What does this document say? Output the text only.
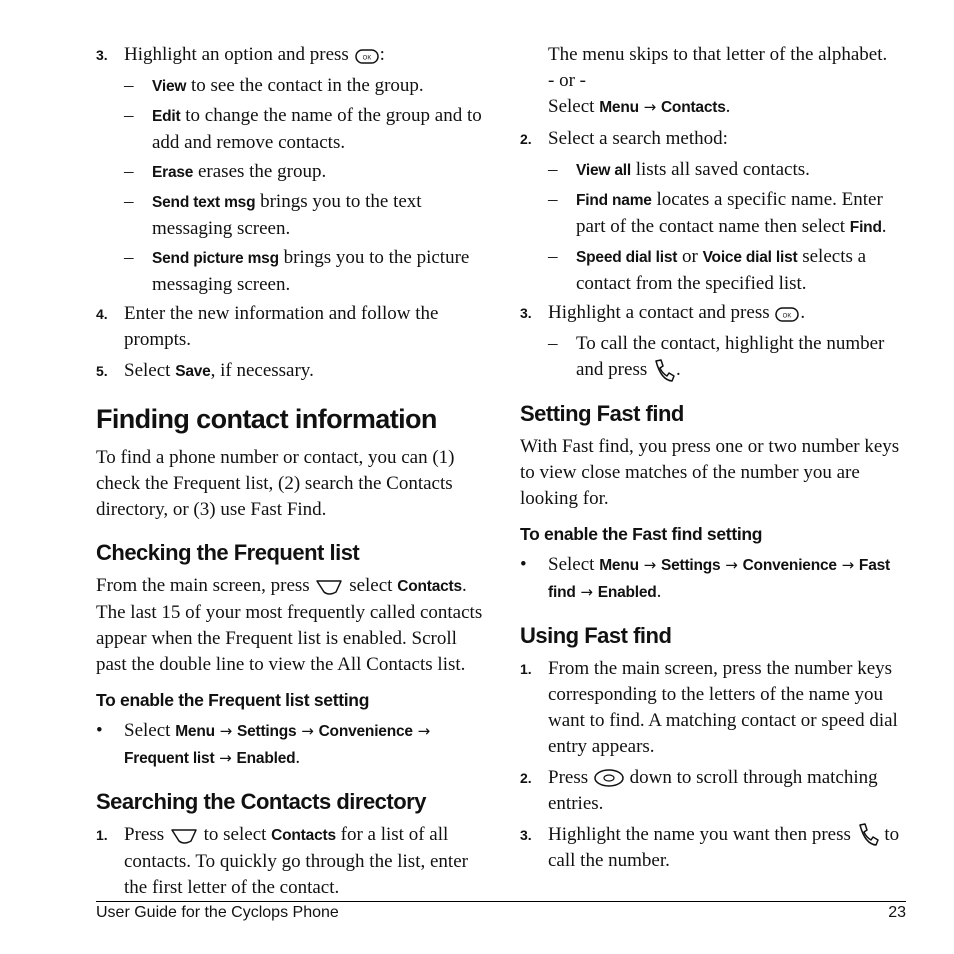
3. Highlight an option and press OK :
–	View to see the contact in the group.
–	Edit to change the name of the group and to add and remove contacts.
–	Erase erases the group.
–	Send text msg brings you to the text messaging screen.
–	Send picture msg brings you to the picture messaging screen.
4. Enter the new information and follow the prompts.
5. Select Save, if necessary.
Finding contact information

To find a phone number or contact, you can (1) check the Frequent list, (2) search the Contacts directory, or (3) use Fast Find.

Checking the Frequent list

From the main screen, press select Contacts. The last 15 of your most frequently called contacts appear when the Frequent list is enabled. Scroll past the double line to view the All Contacts list.

To enable the Frequent list setting
•	Select Menu → Settings → Convenience → Frequent list → Enabled.
Searching the Contacts directory
1. Press to select Contacts for a list of all contacts. To quickly go through the list, enter the first letter of the contact.
The menu skips to that letter of the alphabet.
- or -
Select Menu → Contacts.
2. Select a search method:
–	View all lists all saved contacts.
–	Find name locates a specific name. Enter part of the contact name then select Find.
–	Speed dial list or Voice dial list selects a contact from the specified list.
3. Highlight a contact and press OK .
– To call the contact, highlight the number and press .
Setting Fast find

With Fast find, you press one or two number keys to view close matches of the number you are looking for.

To enable the Fast find setting
•	Select Menu → Settings → Convenience → Fast find → Enabled.
Using Fast find
1. From the main screen, press the number keys corresponding to the letters of the name you want to find. A matching contact or speed dial entry appears.
2. Press down to scroll through matching entries.
3. Highlight the name you want then press to call the number.
User Guide for the Cyclops Phone	23
